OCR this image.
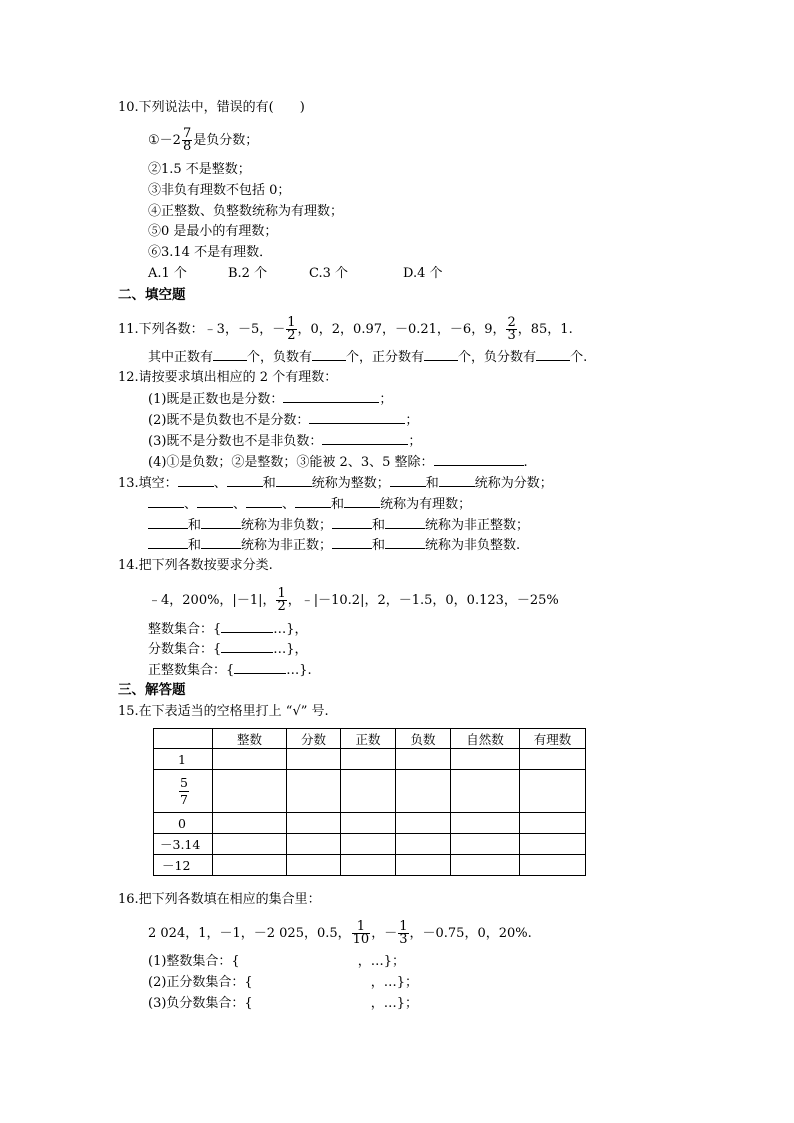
10.下列说法中，错误的有(　　)
①－2 $\frac{7}{8}$ 是负分数；
②1.5 不是整数；
③非负有理数不包括 0；
④正整数、负整数统称为有理数；
⑤0 是最小的有理数；
⑥3.14 不是有理数．
A.1 个	B.2 个	C.3 个	D.4 个
二、填空题
11.下列各数：﹣3，－5，－ $\frac{1}{2}$ ，0，2，0.97，－0.21，－6，9， $\frac{2}{3}$ ，85，1.
其中正数有	个，负数有	个，正分数有	个，负分数有	个.
12.请按要求填出相应的 2 个有理数：
(1)既是正数也是分数：	；
(2)既不是负数也不是分数：	；
(3)既不是分数也不是非负数：	；
(4)①是负数；②是整数；③能被 2、3、5 整除：	.
13.填空：	、	和	统称为整数；	和	统称为分数；
、	、	、	和	统称为有理数；
和	统称为非负数；	和	统称为非正整数；
和	统称为非正数；	和	统称为非负整数.
14.把下列各数按要求分类.
﹣4，200%，|－1|， $\frac{1}{2}$ ，﹣|－10.2|，2，－1.5，0，0.123，－25%
整数集合：{	…}，
分数集合：{	…}，
正整数集合：{	…}.
三、解答题
15.在下表适当的空格里打上 “√” 号.
	整数	分数	正数	负数	自然数	有理数
1						

$\frac{5}{7}$

0						
－3.14						
－12						
16.把下列各数填在相应的集合里：
2 024，1，－1，－2 025，0.5， $\frac{1}{10}$ ，－ $\frac{1}{3}$ ，－0.75，0，20%.
(1)整数集合：{	，…}；
(2)正分数集合：{	，…}；
(3)负分数集合：{	，…}；
